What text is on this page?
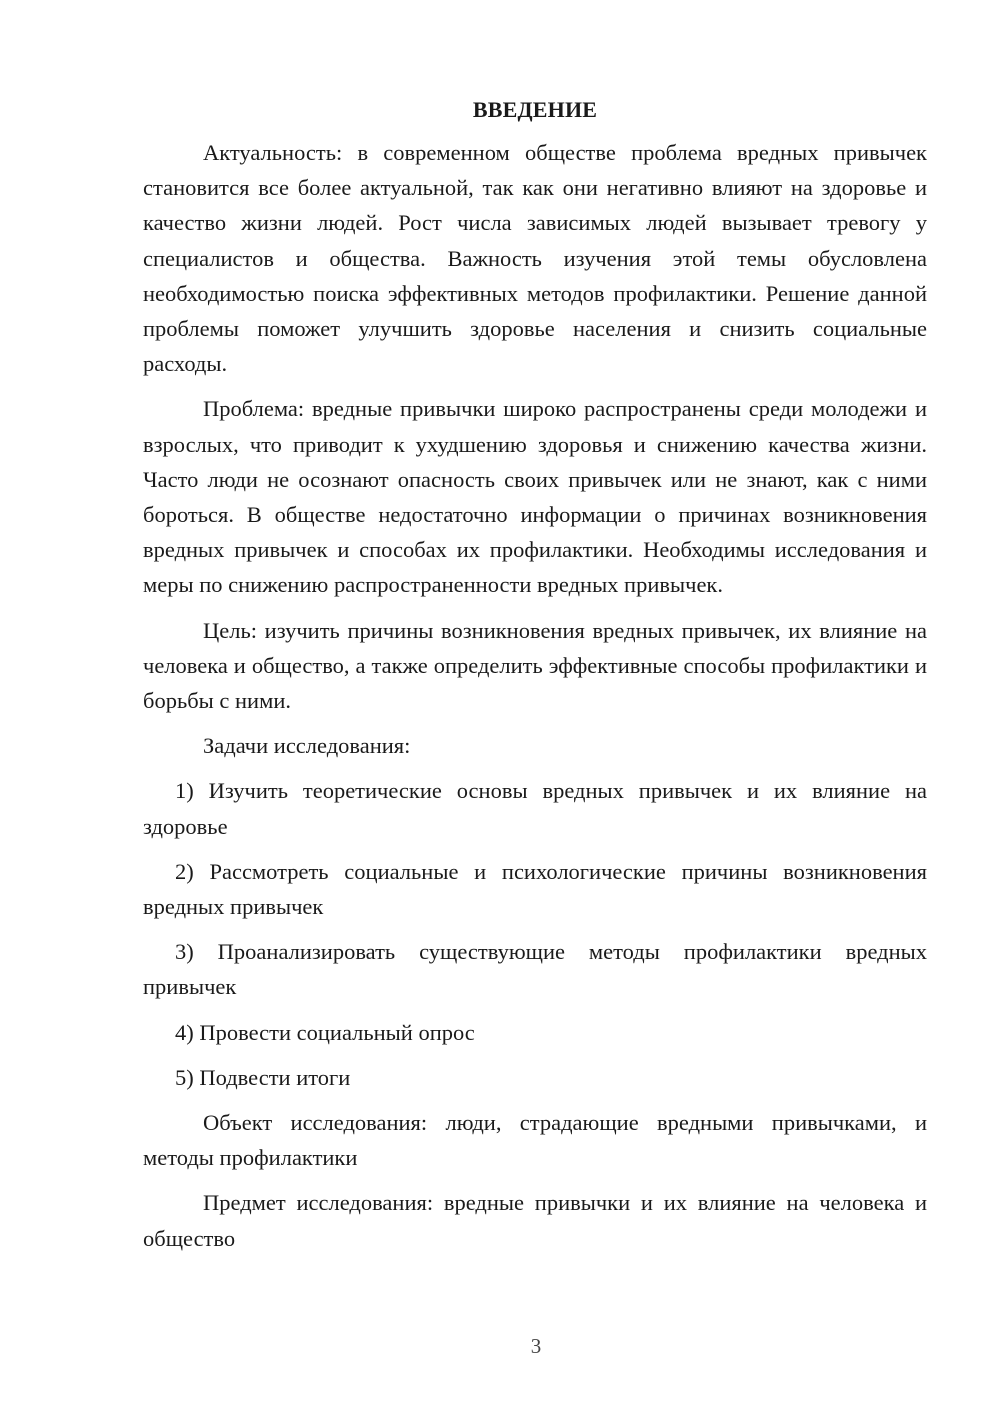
ВВЕДЕНИЕ

Актуальность: в современном обществе проблема вредных привычек становится все более актуальной, так как они негативно влияют на здоровье и качество жизни людей. Рост числа зависимых людей вызывает тревогу у специалистов и общества. Важность изучения этой темы обусловлена необходимостью поиска эффективных методов профилактики. Решение данной проблемы поможет улучшить здоровье населения и снизить социальные расходы.

Проблема: вредные привычки широко распространены среди молодежи и взрослых, что приводит к ухудшению здоровья и снижению качества жизни. Часто люди не осознают опасность своих привычек или не знают, как с ними бороться. В обществе недостаточно информации о причинах возникновения вредных привычек и способах их профилактики. Необходимы исследования и меры по снижению распространенности вредных привычек.

Цель: изучить причины возникновения вредных привычек, их влияние на человека и общество, а также определить эффективные способы профилактики и борьбы с ними.

Задачи исследования:

1) Изучить теоретические основы вредных привычек и их влияние на здоровье

2) Рассмотреть социальные и психологические причины возникновения вредных привычек

3) Проанализировать существующие методы профилактики вредных привычек

4) Провести социальный опрос

5) Подвести итоги

Объект исследования: люди, страдающие вредными привычками, и методы профилактики

Предмет исследования: вредные привычки и их влияние на человека и общество

3
